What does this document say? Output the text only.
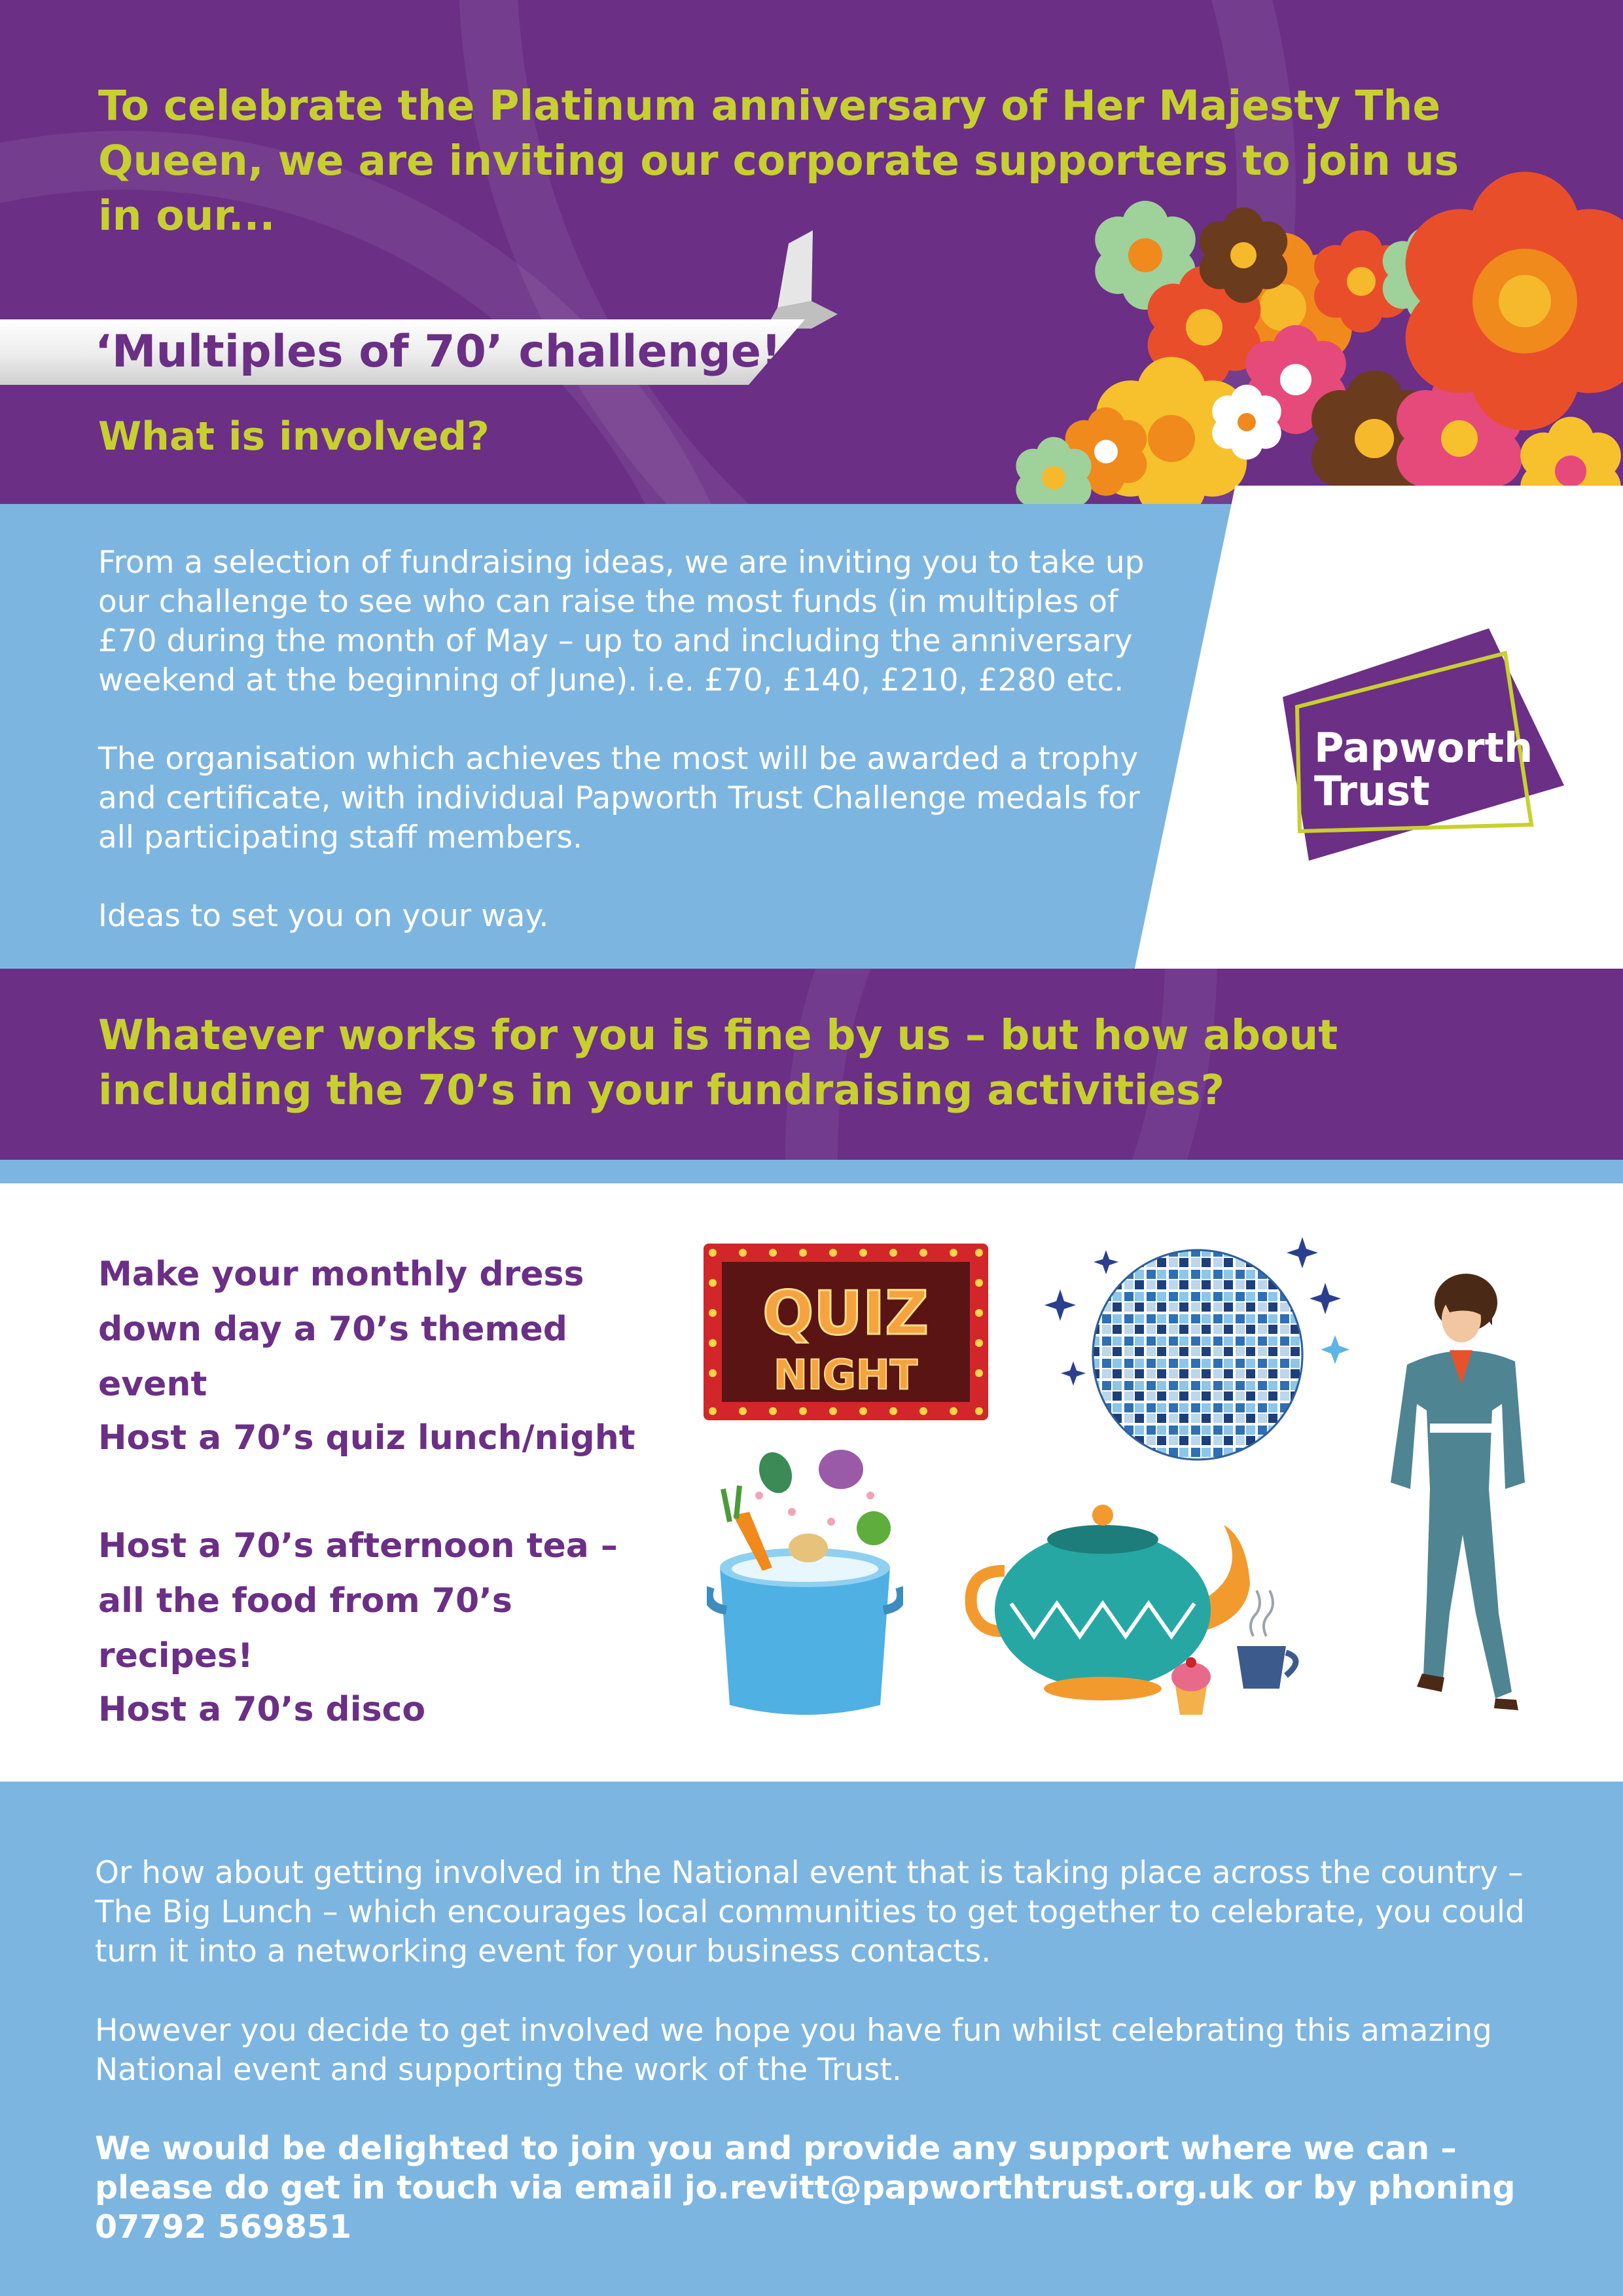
To celebrate the Platinum anniversary of Her Majesty The Queen, we are inviting our corporate supporters to join us in our...

‘Multiples of 70’ challenge!
What is involved?

From a selection of fundraising ideas, we are inviting you to take up our challenge to see who can raise the most funds (in multiples of £70 during the month of May – up to and including the anniversary weekend at the beginning of June). i.e. £70, £140, £210, £280 etc.

The organisation which achieves the most will be awarded a trophy and certificate, with individual Papworth Trust Challenge medals for all participating staff members.

Ideas to set you on your way.

Papworth

Trust

Whatever works for you is fine by us – but how about including the 70’s in your fundraising activities?

Make your monthly dress down day a 70’s themed event

Host a 70’s quiz lunch/night

Host a 70’s afternoon tea – all the food from 70’s recipes!

Host a 70’s disco

QUIZ
NIGHT

Or how about getting involved in the National event that is taking place across the country – The Big Lunch – which encourages local communities to get together to celebrate, you could turn it into a networking event for your business contacts.

However you decide to get involved we hope you have fun whilst celebrating this amazing National event and supporting the work of the Trust.

We would be delighted to join you and provide any support where we can – please do get in touch via email jo.revitt@papworthtrust.org.uk or by phoning 07792 569851
